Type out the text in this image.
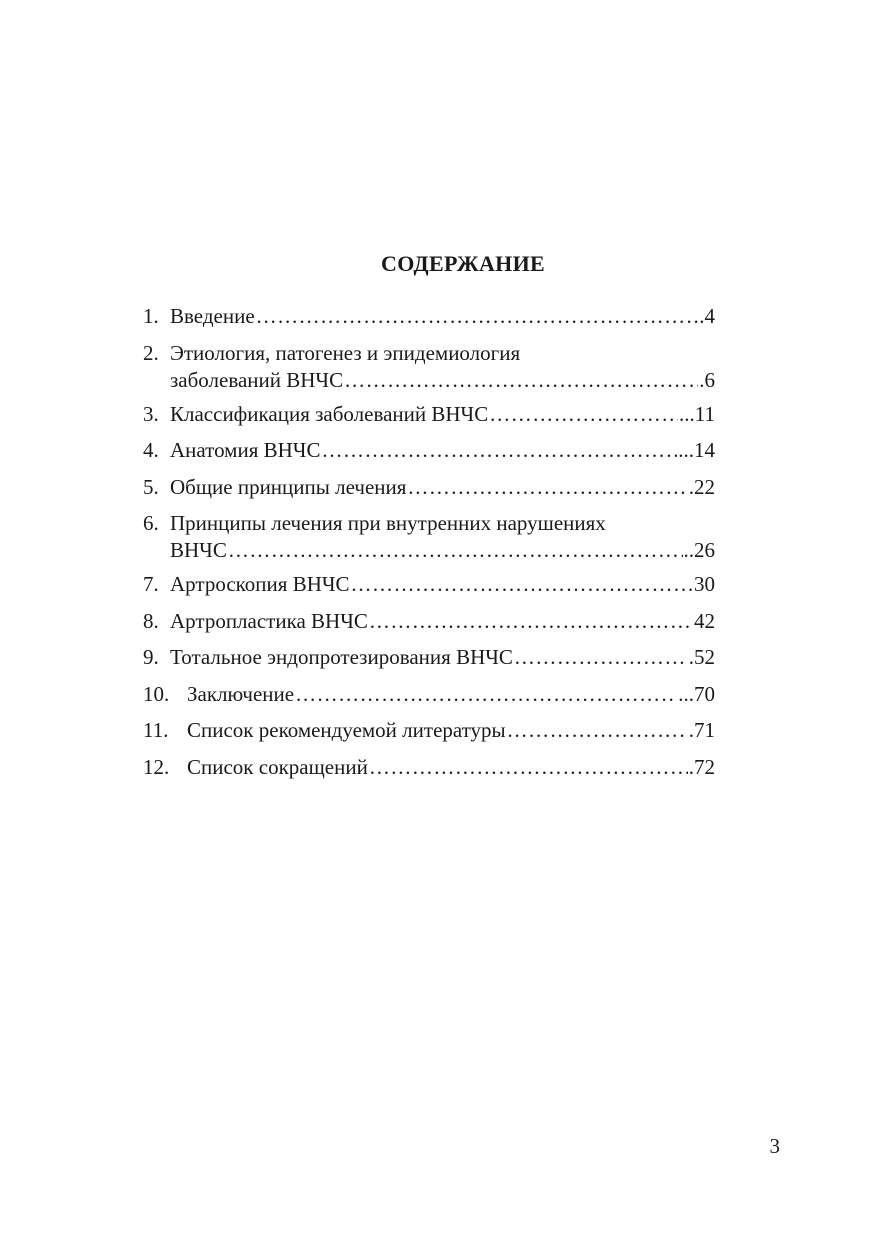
СОДЕРЖАНИЕ
1. Введение ………………………………………………………………………………………………………………	.4
2. Этиология, патогенез и эпидемиология
заболеваний ВНЧС ………………………………………………………………………………………………………………	.6
3. Классификация заболеваний ВНЧС ………………………………………………………………………………………………………………	...11
4. Анатомия ВНЧС ………………………………………………………………………………………………………………	...14
5. Общие принципы лечения ………………………………………………………………………………………………………………	.22
6. Принципы лечения при внутренних нарушениях
ВНЧС ………………………………………………………………………………………………………………	..26
7. Артроскопия ВНЧС ………………………………………………………………………………………………………………	30
8. Артропластика ВНЧС ………………………………………………………………………………………………………………	42
9. Тотальное эндопротезирования ВНЧС ………………………………………………………………………………………………………………	.52
10. Заключение ………………………………………………………………………………………………………………	...70
11. Список рекомендуемой литературы ………………………………………………………………………………………………………………	.71
12. Список сокращений ………………………………………………………………………………………………………………	.72

3
